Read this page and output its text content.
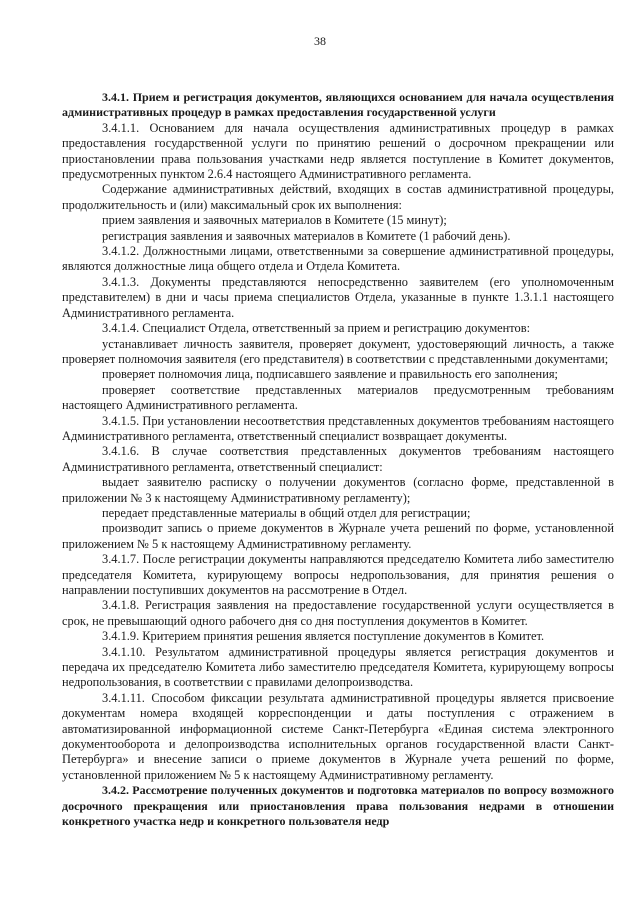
38

3.4.1. Прием и регистрация документов, являющихся основанием для начала осуществления административных процедур в рамках предоставления государственной услуги

3.4.1.1. Основанием для начала осуществления административных процедур в рамках предоставления государственной услуги по принятию решений о досрочном прекращении или приостановлении права пользования участками недр является поступление в Комитет документов, предусмотренных пунктом 2.6.4 настоящего Административного регламента.

Содержание административных действий, входящих в состав административной процедуры, продолжительность и (или) максимальный срок их выполнения:

прием заявления и заявочных материалов в Комитете (15 минут);

регистрация заявления и заявочных материалов в Комитете (1 рабочий день).

3.4.1.2. Должностными лицами, ответственными за совершение административной процедуры, являются должностные лица общего отдела и Отдела Комитета.

3.4.1.3. Документы представляются непосредственно заявителем (его уполномоченным представителем) в дни и часы приема специалистов Отдела, указанные в пункте 1.3.1.1 настоящего Административного регламента.

3.4.1.4. Специалист Отдела, ответственный за прием и регистрацию документов:

устанавливает личность заявителя, проверяет документ, удостоверяющий личность, а также проверяет полномочия заявителя (его представителя) в соответствии с представленными документами;

проверяет полномочия лица, подписавшего заявление и правильность его заполнения;

проверяет соответствие представленных материалов предусмотренным требованиям настоящего Административного регламента.

3.4.1.5. При установлении несоответствия представленных документов требованиям настоящего Административного регламента, ответственный специалист возвращает документы.

3.4.1.6. В случае соответствия представленных документов требованиям настоящего Административного регламента, ответственный специалист:

выдает заявителю расписку о получении документов (согласно форме, представленной в приложении № 3 к настоящему Административному регламенту);

передает представленные материалы в общий отдел для регистрации;

производит запись о приеме документов в Журнале учета решений по форме, установленной приложением № 5 к настоящему Административному регламенту.

3.4.1.7. После регистрации документы направляются председателю Комитета либо заместителю председателя Комитета, курирующему вопросы недропользования, для принятия решения о направлении поступивших документов на рассмотрение в Отдел.

3.4.1.8. Регистрация заявления на предоставление государственной услуги осуществляется в срок, не превышающий одного рабочего дня со дня поступления документов в Комитет.

3.4.1.9. Критерием принятия решения является поступление документов в Комитет.

3.4.1.10. Результатом административной процедуры является регистрация документов и передача их председателю Комитета либо заместителю председателя Комитета, курирующему вопросы недропользования, в соответствии с правилами делопроизводства.

3.4.1.11. Способом фиксации результата административной процедуры является присвоение документам номера входящей корреспонденции и даты поступления с отражением в автоматизированной информационной системе Санкт-Петербурга «Единая система электронного документооборота и делопроизводства исполнительных органов государственной власти Санкт-Петербурга» и внесение записи о приеме документов в Журнале учета решений по форме, установленной приложением № 5 к настоящему Административному регламенту.

3.4.2. Рассмотрение полученных документов и подготовка материалов по вопросу возможного досрочного прекращения или приостановления права пользования недрами в отношении конкретного участка недр и конкретного пользователя недр
